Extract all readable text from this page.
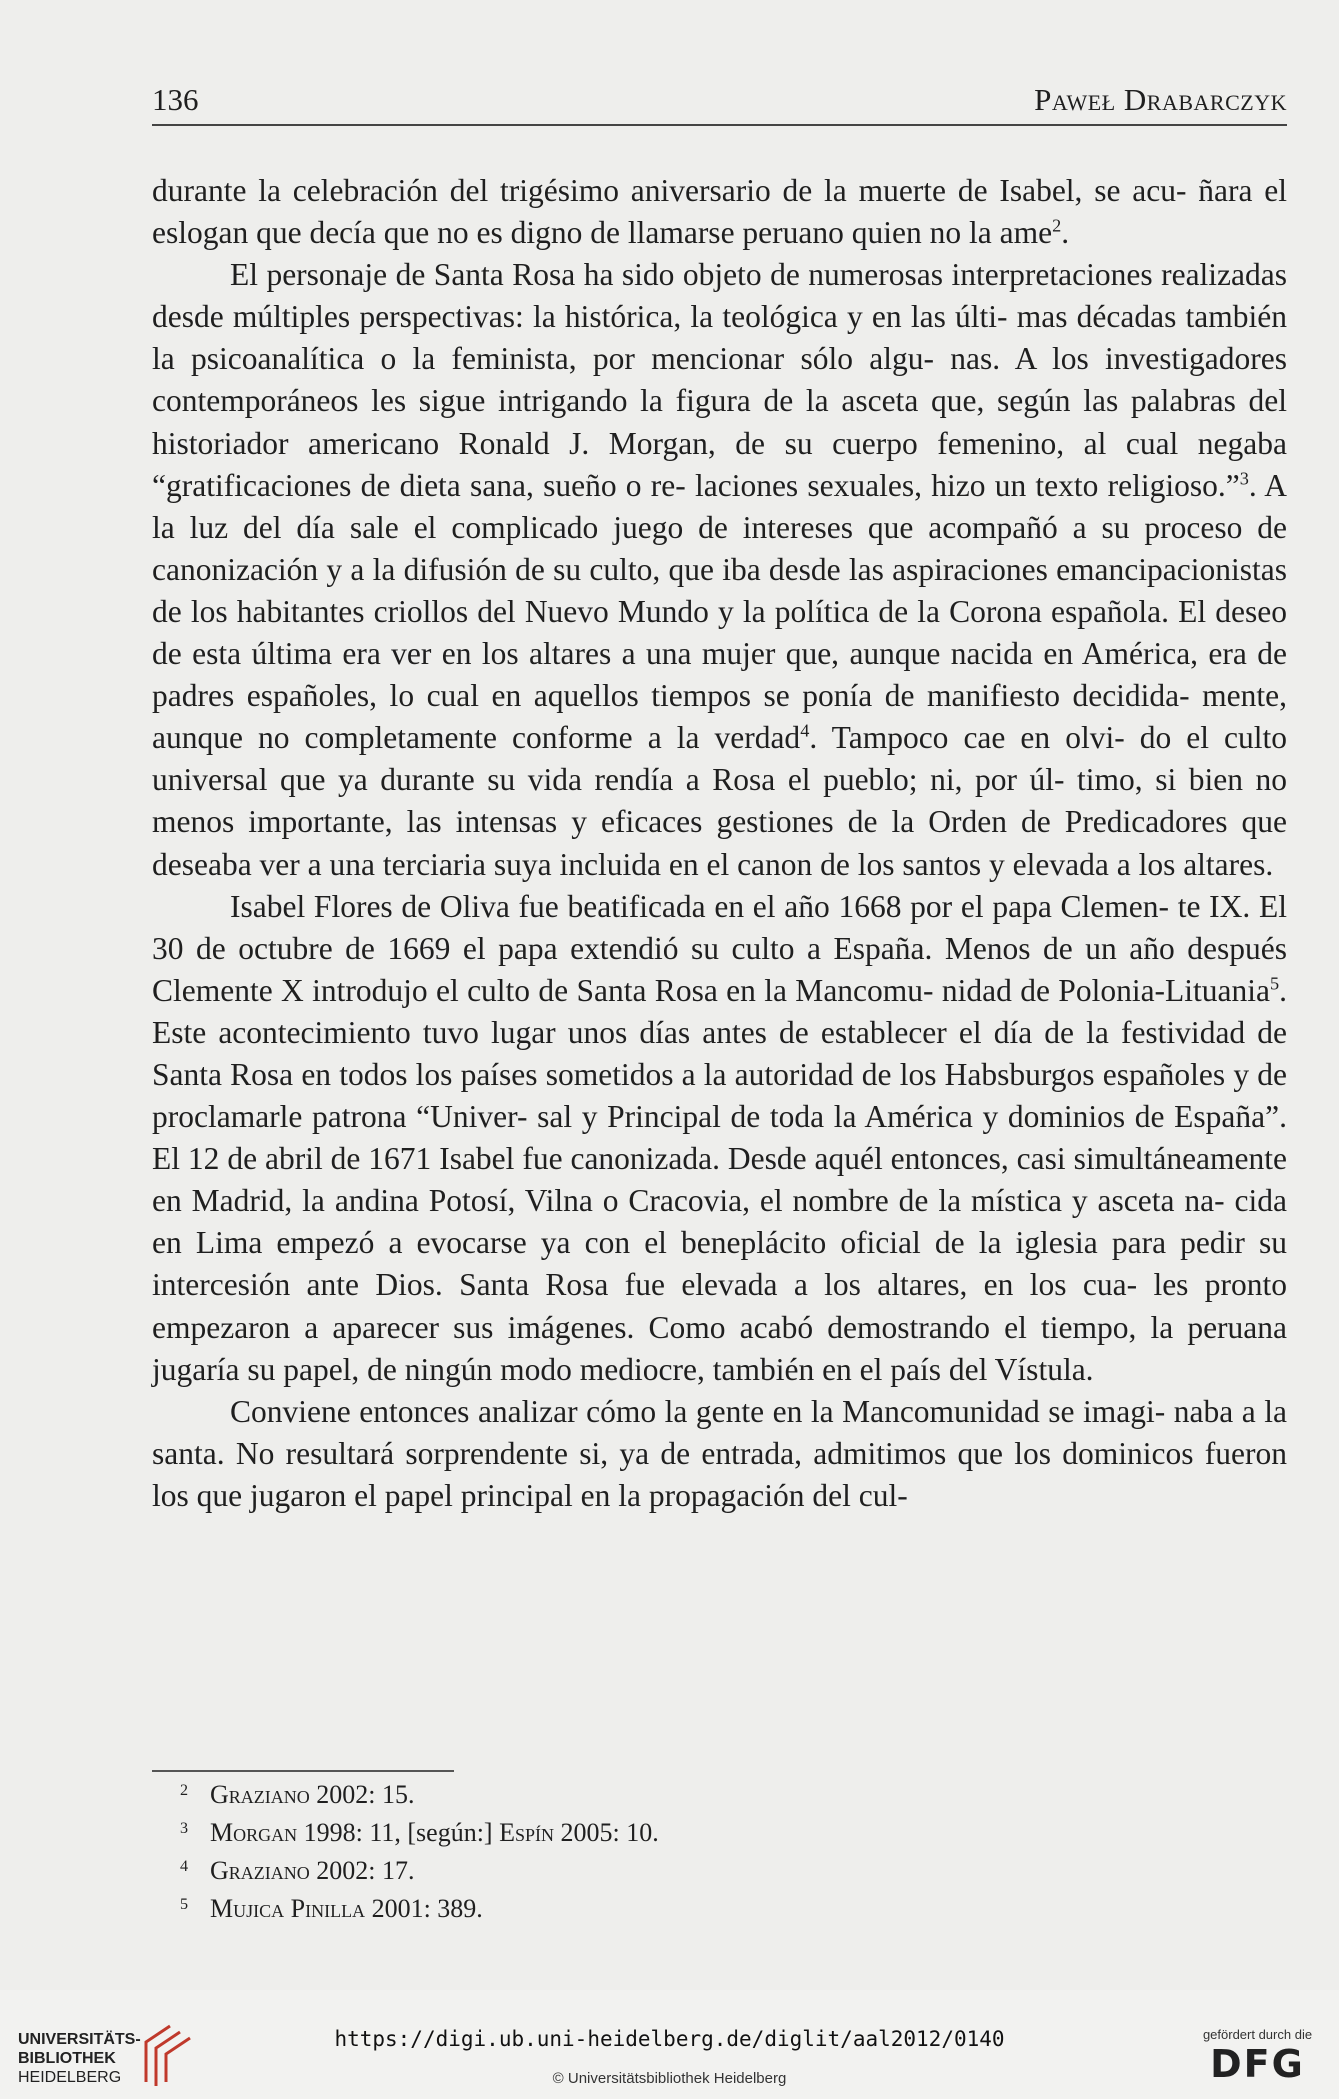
136	Paweł Drabarczyk

durante la celebración del trigésimo aniversario de la muerte de Isabel, se acu- ñara el eslogan que decía que no es digno de llamarse peruano quien no la ame$^2$.

El personaje de Santa Rosa ha sido objeto de numerosas interpretaciones realizadas desde múltiples perspectivas: la histórica, la teológica y en las últi- mas décadas también la psicoanalítica o la feminista, por mencionar sólo algu- nas. A los investigadores contemporáneos les sigue intrigando la figura de la asceta que, según las palabras del historiador americano Ronald J. Morgan, de su cuerpo femenino, al cual negaba “gratificaciones de dieta sana, sueño o re- laciones sexuales, hizo un texto religioso.”$^3$. A la luz del día sale el complicado juego de intereses que acompañó a su proceso de canonización y a la difusión de su culto, que iba desde las aspiraciones emancipacionistas de los habitantes criollos del Nuevo Mundo y la política de la Corona española. El deseo de esta última era ver en los altares a una mujer que, aunque nacida en América, era de padres españoles, lo cual en aquellos tiempos se ponía de manifiesto decidida- mente, aunque no completamente conforme a la verdad$^4$. Tampoco cae en olvi- do el culto universal que ya durante su vida rendía a Rosa el pueblo; ni, por úl- timo, si bien no menos importante, las intensas y eficaces gestiones de la Orden de Predicadores que deseaba ver a una terciaria suya incluida en el canon de los santos y elevada a los altares.

Isabel Flores de Oliva fue beatificada en el año 1668 por el papa Clemen- te IX. El 30 de octubre de 1669 el papa extendió su culto a España. Menos de un año después Clemente X introdujo el culto de Santa Rosa en la Mancomu- nidad de Polonia-Lituania$^5$. Este acontecimiento tuvo lugar unos días antes de establecer el día de la festividad de Santa Rosa en todos los países sometidos a la autoridad de los Habsburgos españoles y de proclamarle patrona “Univer- sal y Principal de toda la América y dominios de España”. El 12 de abril de 1671 Isabel fue canonizada. Desde aquél entonces, casi simultáneamente en Madrid, la andina Potosí, Vilna o Cracovia, el nombre de la mística y asceta na- cida en Lima empezó a evocarse ya con el beneplácito oficial de la iglesia para pedir su intercesión ante Dios. Santa Rosa fue elevada a los altares, en los cua- les pronto empezaron a aparecer sus imágenes. Como acabó demostrando el tiempo, la peruana jugaría su papel, de ningún modo mediocre, también en el país del Vístula.

Conviene entonces analizar cómo la gente en la Mancomunidad se imagi- naba a la santa. No resultará sorprendente si, ya de entrada, admitimos que los dominicos fueron los que jugaron el papel principal en la propagación del cul-

2 Graziano 2002: 15.
3 Morgan 1998: 11, [según:] Espín 2005: 10.
4 Graziano 2002: 17.
5 Mujica Pinilla 2001: 389.
UNIVERSITÄTS-
BIBLIOTHEK
HEIDELBERG
https://digi.ub.uni-heidelberg.de/diglit/aal2012/0140
© Universitätsbibliothek Heidelberg
gefördert durch die
DFG
